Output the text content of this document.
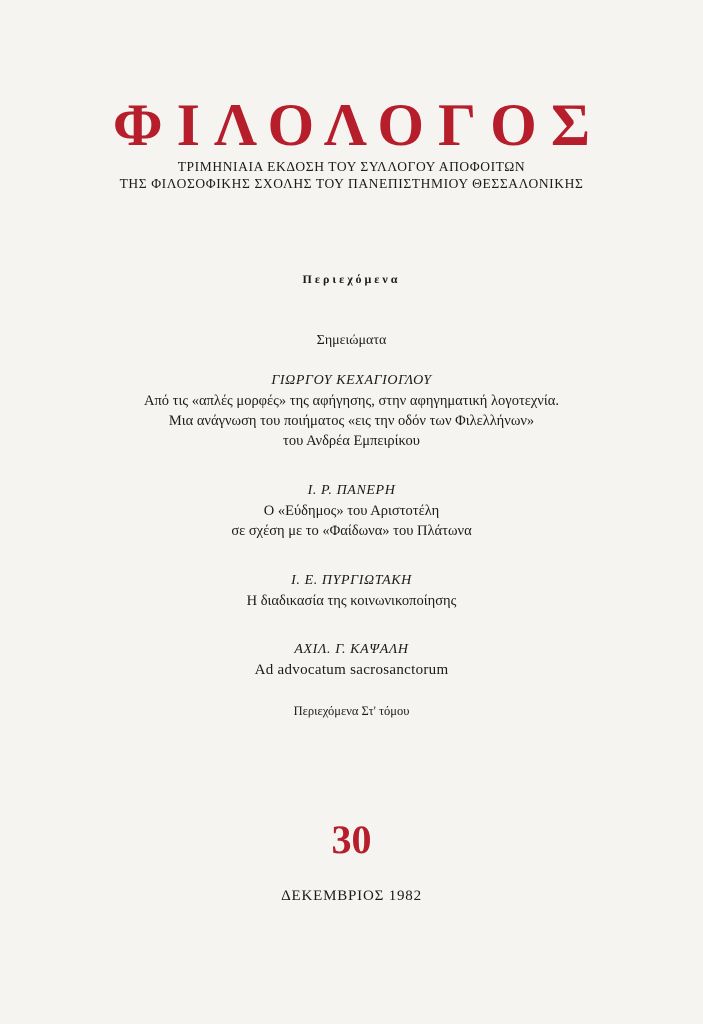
ΦΙΛΟΛΟΓΟΣ

ΤΡΙΜΗΝΙΑΙΑ ΕΚΔΟΣΗ ΤΟΥ ΣΥΛΛΟΓΟΥ ΑΠΟΦΟΙΤΩΝ

ΤΗΣ ΦΙΛΟΣΟΦΙΚΗΣ ΣΧΟΛΗΣ ΤΟΥ ΠΑΝΕΠΙΣΤΗΜΙΟΥ ΘΕΣΣΑΛΟΝΙΚΗΣ

Περιεχόμενα

Σημειώματα

ΓΙΩΡΓΟΥ ΚΕΧΑΓΙΟΓΛΟΥ

Από τις «απλές μορφές» της αφήγησης, στην αφηγηματική λογοτεχνία.

Μια ανάγνωση του ποιήματος «εις την οδόν των Φιλελλήνων»

του Ανδρέα Εμπειρίκου

Ι. Ρ. ΠΑΝΕΡΗ

Ο «Εύδημος» του Αριστοτέλη

σε σχέση με το «Φαίδωνα» του Πλάτωνα

Ι. Ε. ΠΥΡΓΙΩΤΑΚΗ

Η διαδικασία της κοινωνικοποίησης

ΑΧΙΛ. Γ. ΚΑΨΑΛΗ

Ad advocatum sacrosanctorum

Περιεχόμενα Στ' τόμου

30

ΔΕΚΕΜΒΡΙΟΣ 1982
